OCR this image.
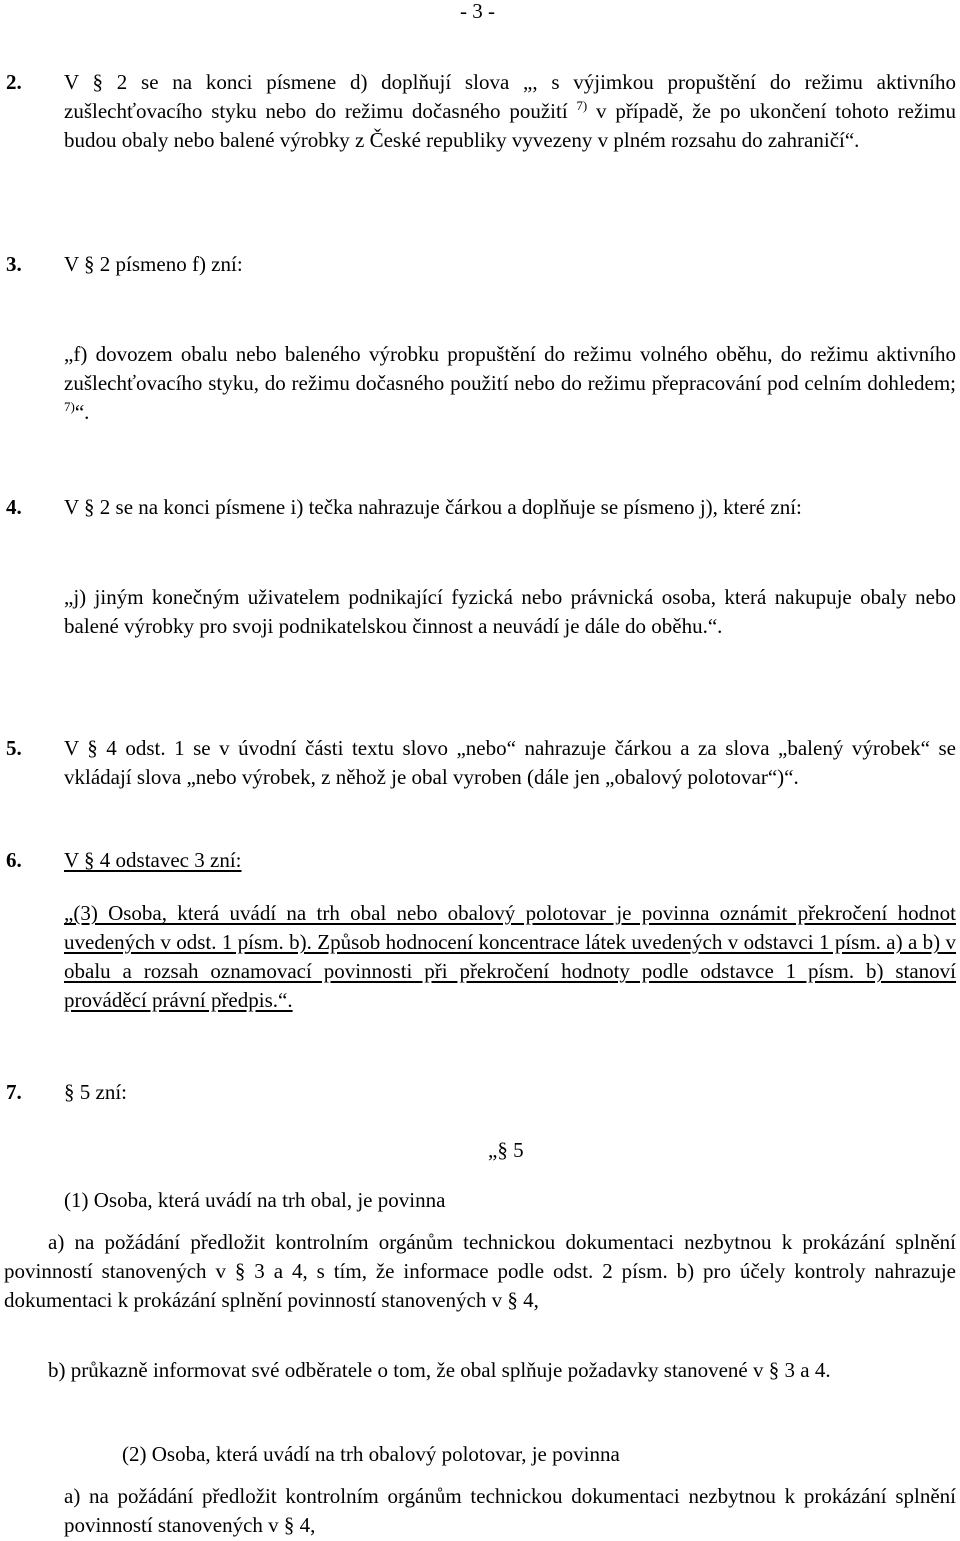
- 3 -
2. V § 2 se na konci písmene d) doplňují slova „, s výjimkou propuštění do režimu aktivního zušlechťovacího styku nebo do režimu dočasného použití $^{7)}$ v případě, že po ukončení tohoto režimu budou obaly nebo balené výrobky z České republiky vyvezeny v plném rozsahu do zahraničí“.

3. V § 2 písmeno f) zní:

„f) dovozem obalu nebo baleného výrobku propuštění do režimu volného oběhu, do režimu aktivního zušlechťovacího styku, do režimu dočasného použití nebo do režimu přepracování pod celním dohledem; $^{7)}$“.

4. V § 2 se na konci písmene i) tečka nahrazuje čárkou a doplňuje se písmeno j), které zní:

„j) jiným konečným uživatelem podnikající fyzická nebo právnická osoba, která nakupuje obaly nebo balené výrobky pro svoji podnikatelskou činnost a neuvádí je dále do oběhu.“.

5. V § 4 odst. 1 se v úvodní části textu slovo „nebo“ nahrazuje čárkou a za slova „balený výrobek“ se vkládají slova „nebo výrobek, z něhož je obal vyroben (dále jen „obalový polotovar“)“.

6. V § 4 odstavec 3 zní:

„(3) Osoba, která uvádí na trh obal nebo obalový polotovar je povinna oznámit překročení hodnot uvedených v odst. 1 písm. b). Způsob hodnocení koncentrace látek uvedených v odstavci 1 písm. a) a b) v obalu a rozsah oznamovací povinnosti při překročení hodnoty podle odstavce 1 písm. b) stanoví prováděcí právní předpis.“.

7. § 5 zní:

„§ 5

(1) Osoba, která uvádí na trh obal, je povinna

a) na požádání předložit kontrolním orgánům technickou dokumentaci nezbytnou k prokázání splnění povinností stanovených v § 3 a 4, s tím, že informace podle odst. 2 písm. b) pro účely kontroly nahrazuje dokumentaci k prokázání splnění povinností stanovených v § 4,

b) průkazně informovat své odběratele o tom, že obal splňuje požadavky stanovené v § 3 a 4.

(2) Osoba, která uvádí na trh obalový polotovar, je povinna

a) na požádání předložit kontrolním orgánům technickou dokumentaci nezbytnou k prokázání splnění povinností stanovených v § 4,
